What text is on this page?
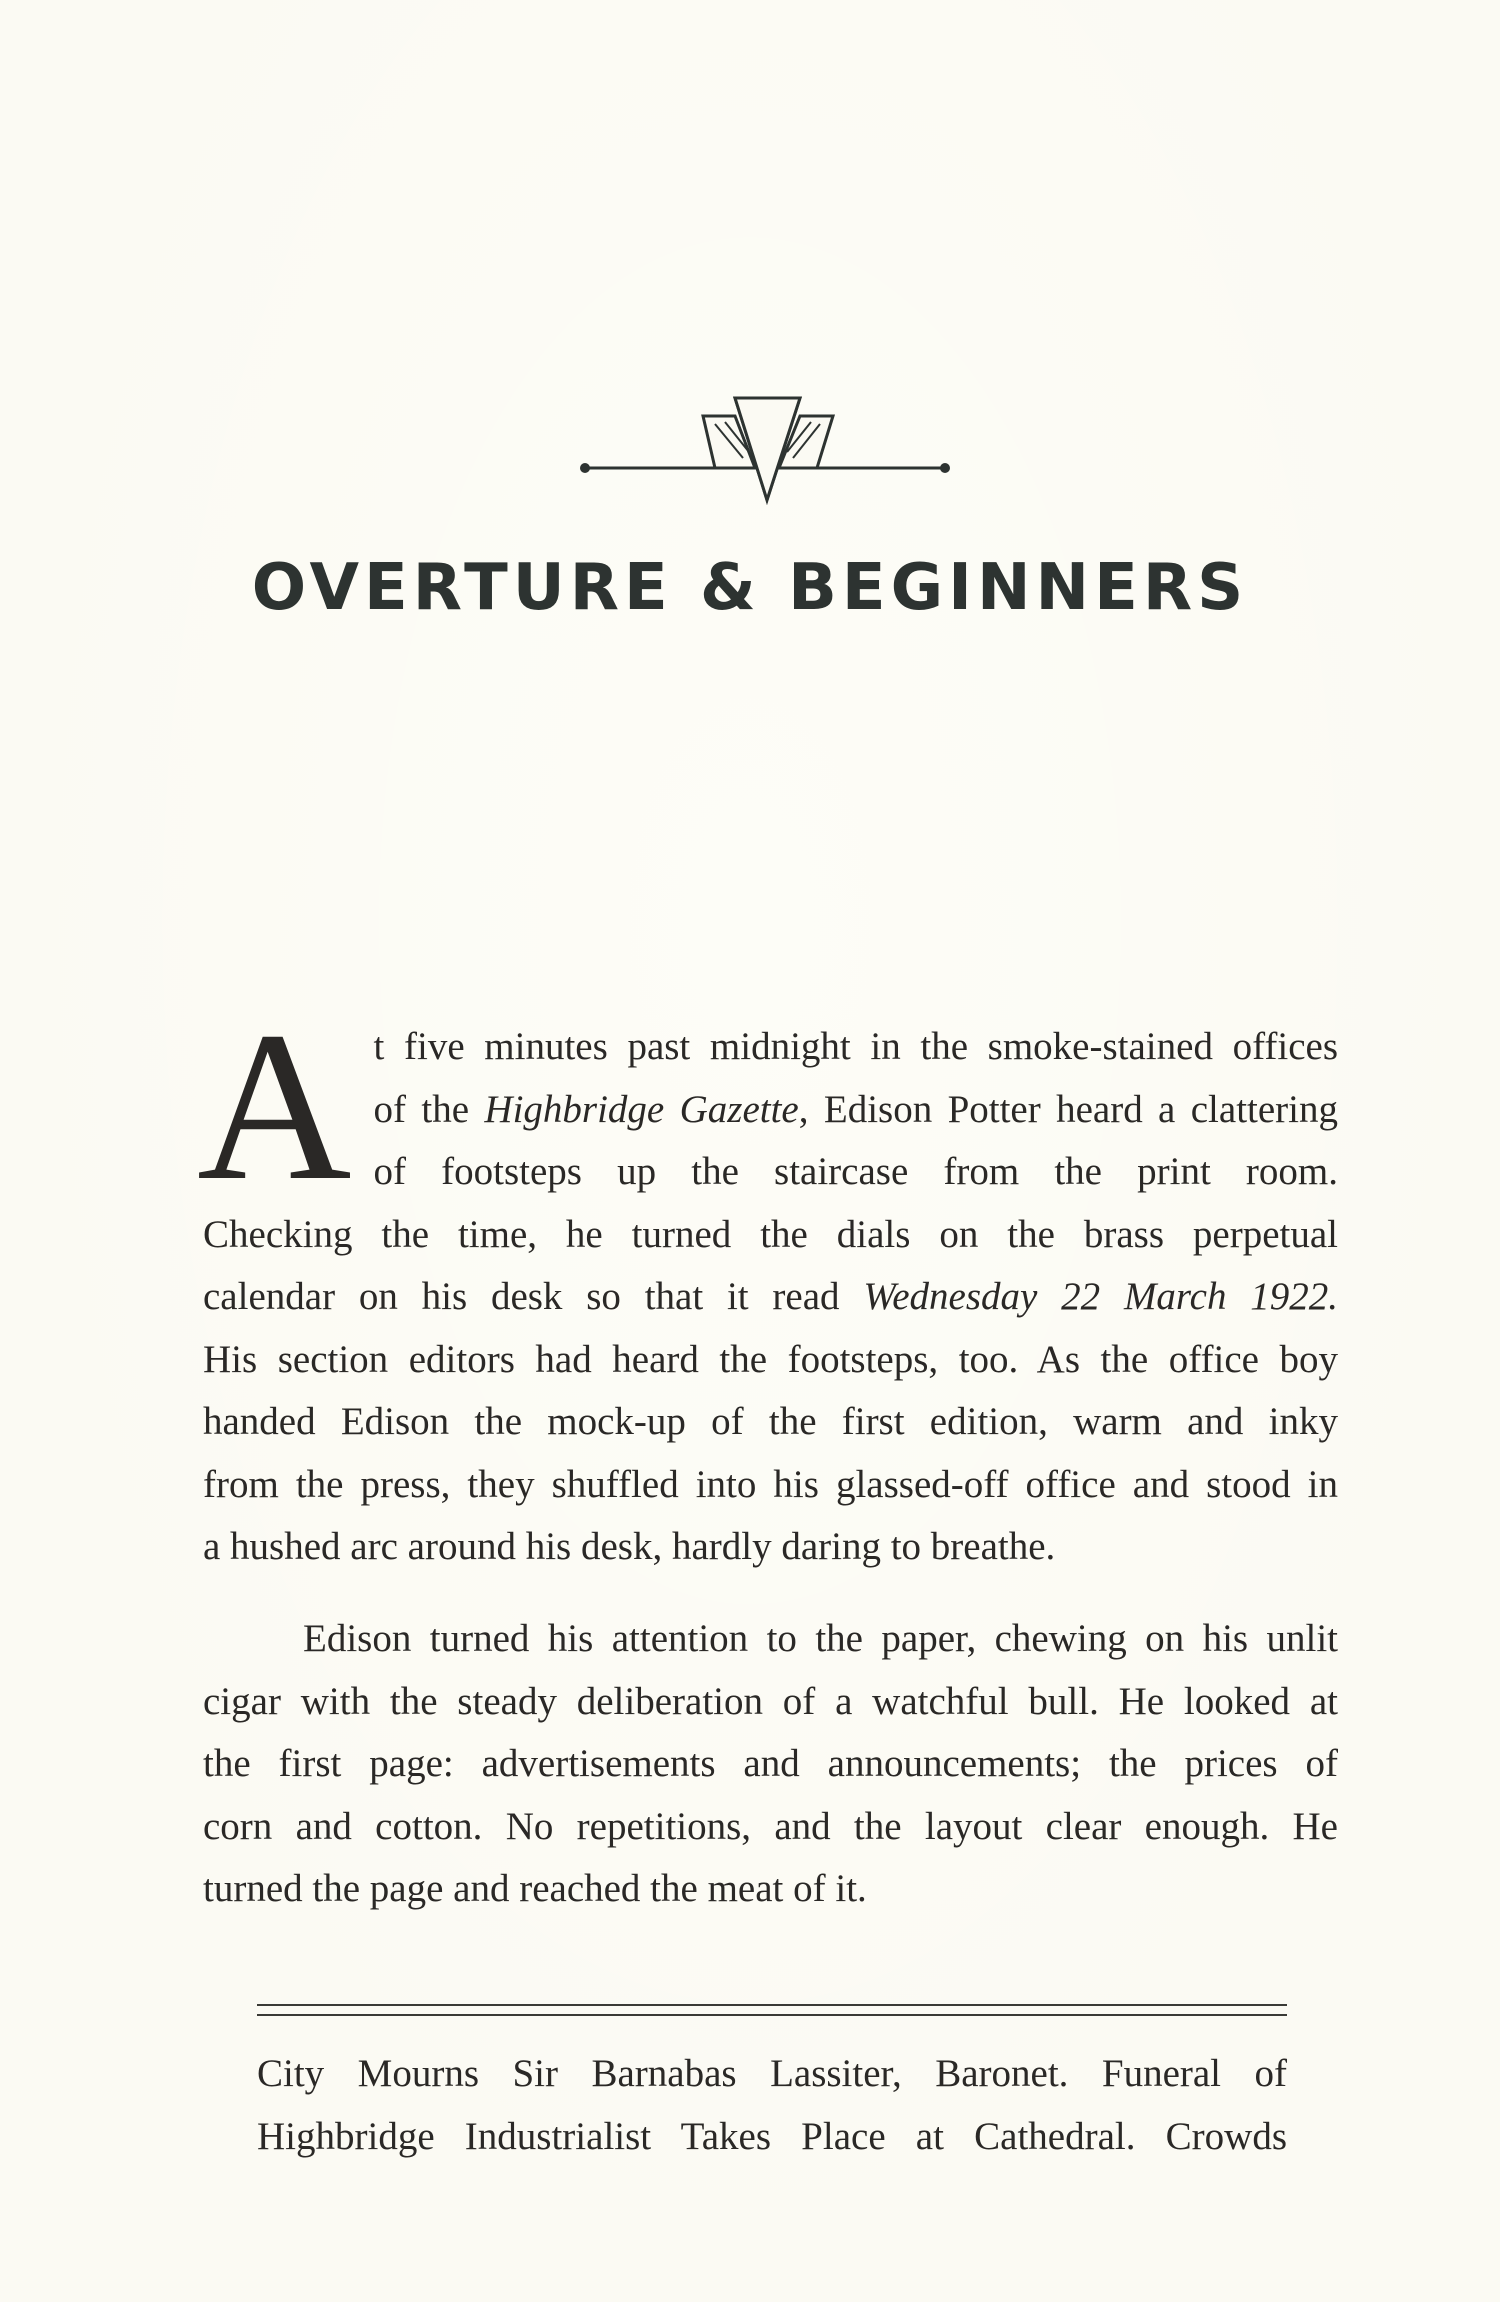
OVERTURE & BEGINNERS
A t five minutes past midnight in the smoke-stained offices
of the Highbridge Gazette, Edison Potter heard a clattering
of footsteps up the staircase from the print room.
Checking the time, he turned the dials on the brass perpetual
calendar on his desk so that it read Wednesday 22 March 1922.
His section editors had heard the footsteps, too. As the office boy
handed Edison the mock-up of the first edition, warm and inky
from the press, they shuffled into his glassed-off office and stood in
a hushed arc around his desk, hardly daring to breathe.
Edison turned his attention to the paper, chewing on his unlit
cigar with the steady deliberation of a watchful bull. He looked at
the first page: advertisements and announcements; the prices of
corn and cotton. No repetitions, and the layout clear enough. He
turned the page and reached the meat of it.
City Mourns Sir Barnabas Lassiter, Baronet. Funeral of
Highbridge Industrialist Takes Place at Cathedral. Crowds
